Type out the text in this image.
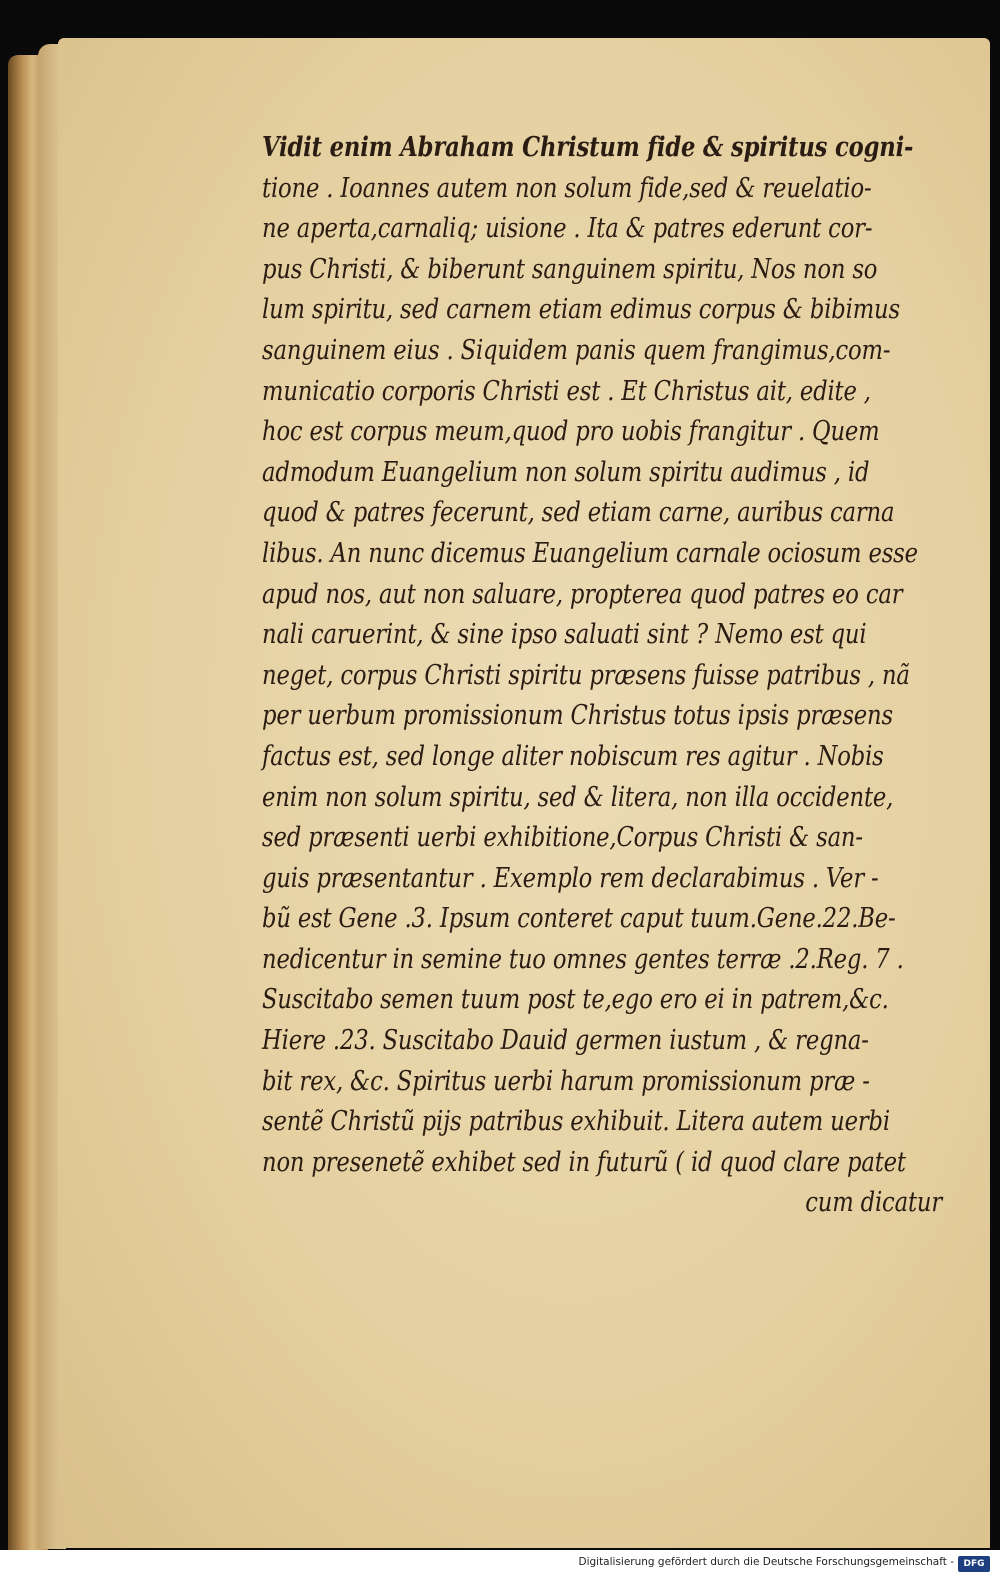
Vidit enim Abraham Christum fide & spiritus cogni-
tione . Ioannes autem non solum fide,sed & reuelatio-
ne aperta,carnaliq; uisione . Ita & patres ederunt cor-
pus Christi, & biberunt sanguinem spiritu, Nos non so
lum spiritu, sed carnem etiam edimus corpus & bibimus
sanguinem eius . Siquidem panis quem frangimus,com-
municatio corporis Christi est . Et Christus ait, edite ,
hoc est corpus meum,quod pro uobis frangitur . Quem
admodum Euangelium non solum spiritu audimus , id
quod & patres fecerunt, sed etiam carne, auribus carna
libus. An nunc dicemus Euangelium carnale ociosum esse
apud nos, aut non saluare, propterea quod patres eo car
nali caruerint, & sine ipso saluati sint ? Nemo est qui
neget, corpus Christi spiritu præsens fuisse patribus , nã
per uerbum promissionum Christus totus ipsis præsens
factus est, sed longe aliter nobiscum res agitur . Nobis
enim non solum spiritu, sed & litera, non illa occidente,
sed præsenti uerbi exhibitione,Corpus Christi & san-
guis præsentantur . Exemplo rem declarabimus . Ver -
bũ est Gene .3. Ipsum conteret caput tuum.Gene.22.Be-
nedicentur in semine tuo omnes gentes terræ .2.Reg. 7 .
Suscitabo semen tuum post te,ego ero ei in patrem,&c.
Hiere .23. Suscitabo Dauid germen iustum , & regna-
bit rex, &c. Spiritus uerbi harum promissionum præ -
sentẽ Christũ pijs patribus exhibuit. Litera autem uerbi
non presenetẽ exhibet sed in futurũ ( id quod clare patet
cum dicatur
Digitalisierung gefördert durch die Deutsche Forschungsgemeinschaft -	DFG
